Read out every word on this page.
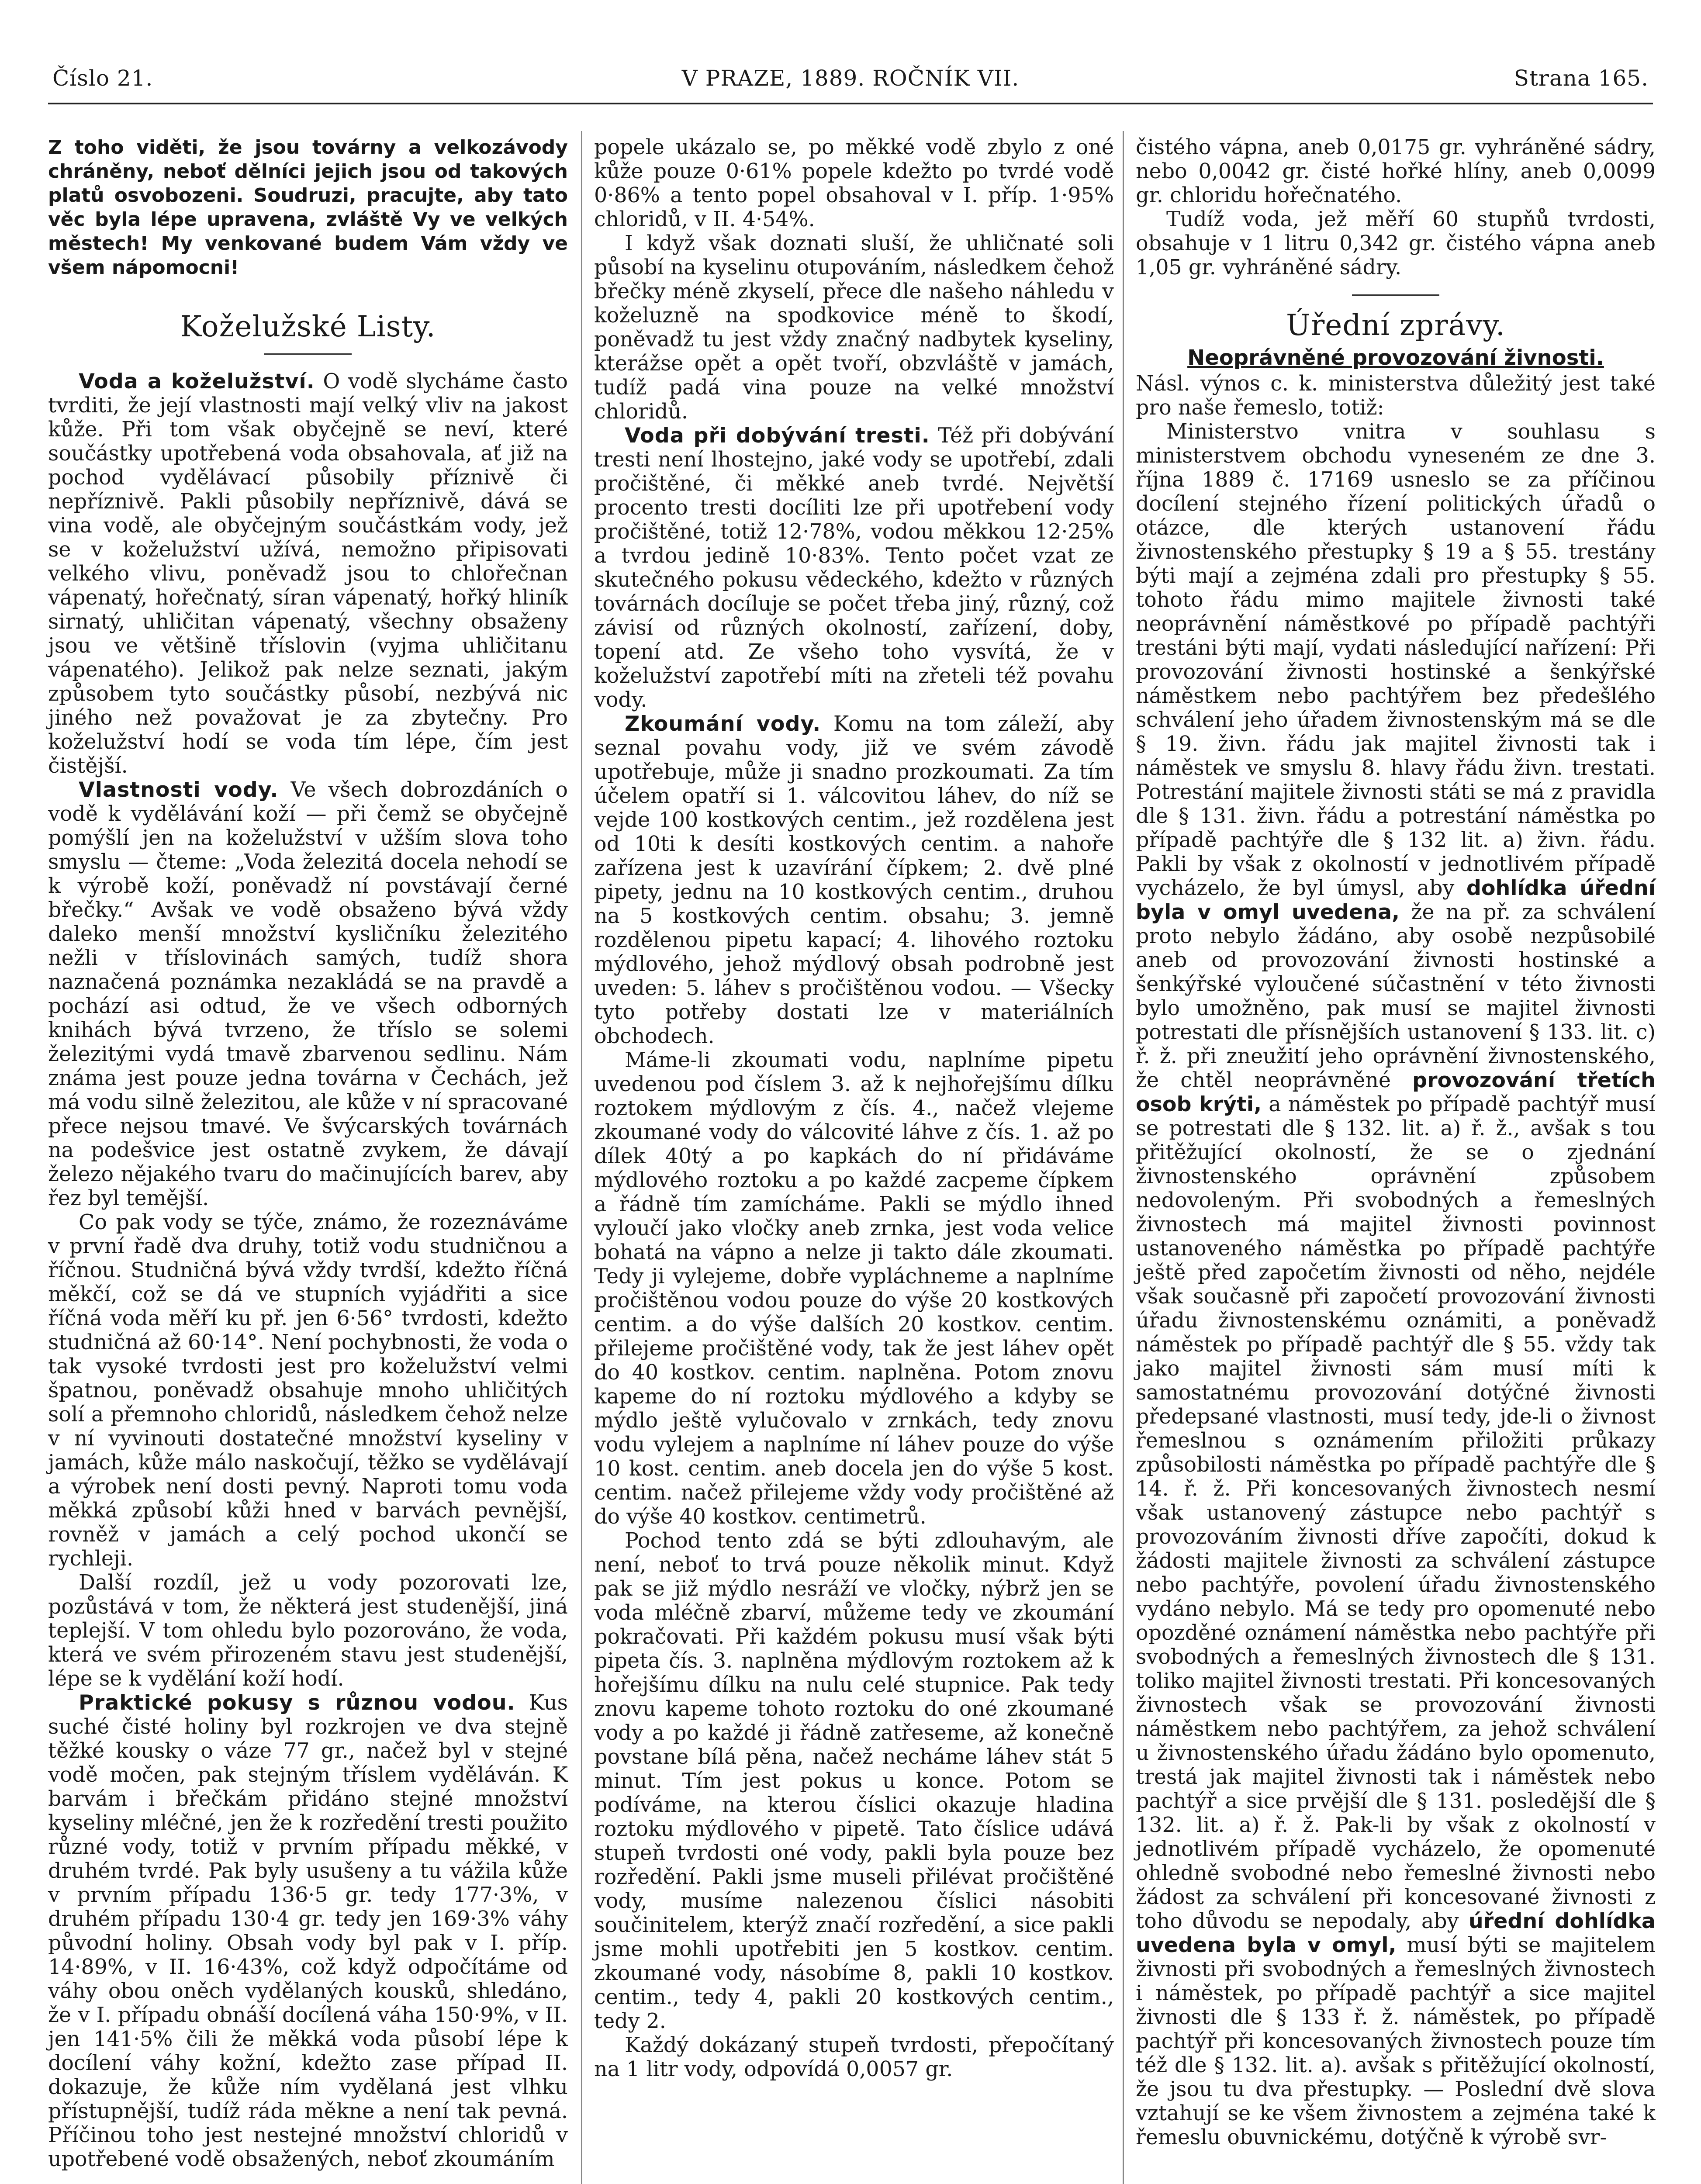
Číslo 21.	V PRAZE, 1889. ROČNÍK VII.	Strana 165.

Z toho viděti, že jsou továrny a velkozávody chráněny, neboť dělníci jejich jsou od takových platů osvobozeni. Soudruzi, pracujte, aby tato věc byla lépe upravena, zvláště Vy ve velkých městech! My venkované budem Vám vždy ve všem nápomocni!

Koželužské Listy.

Voda a koželužství. O vodě slycháme často tvrditi, že její vlastnosti mají velký vliv na jakost kůže. Při tom však obyčejně se neví, které součástky upotřebená voda obsahovala, ať již na pochod vydělávací působily příznivě či nepříznivě. Pakli působily nepříznivě, dává se vina vodě, ale obyčejným součástkám vody, jež se v koželužství užívá, nemožno připisovati velkého vlivu, poněvadž jsou to chlořečnan vápenatý, hořečnatý, síran vápenatý, hořký hliník sirnatý, uhličitan vápenatý, všechny obsaženy jsou ve většině tříslovin (vyjma uhličitanu vápenatého). Jelikož pak nelze seznati, jakým způsobem tyto součástky působí, nezbývá nic jiného než považovat je za zbytečny. Pro koželužství hodí se voda tím lépe, čím jest čistější.

Vlastnosti vody. Ve všech dobrozdáních o vodě k vydělávání koží — při čemž se obyčejně pomýšlí jen na koželužství v užším slova toho smyslu — čteme: „Voda železitá docela nehodí se k výrobě koží, poněvadž ní povstávají černé břečky.“ Avšak ve vodě obsaženo bývá vždy daleko menší množství kysličníku železitého nežli v tříslovinách samých, tudíž shora naznačená poznámka nezakládá se na pravdě a pochází asi odtud, že ve všech odborných knihách bývá tvrzeno, že tříslo se solemi železitými vydá tmavě zbarvenou sedlinu. Nám známa jest pouze jedna továrna v Čechách, jež má vodu silně železitou, ale kůže v ní spracované přece nejsou tmavé. Ve švýcarských továrnách na podešvice jest ostatně zvykem, že dávají železo nějakého tvaru do mačinujících barev, aby řez byl temější.

Co pak vody se týče, známo, že rozeznáváme v první řadě dva druhy, totiž vodu studničnou a říčnou. Studničná bývá vždy tvrdší, kdežto říčná měkčí, což se dá ve stupních vyjádřiti a sice říčná voda měří ku př. jen 6·56° tvrdosti, kdežto studničná až 60·14°. Není pochybnosti, že voda o tak vysoké tvrdosti jest pro koželužství velmi špatnou, poněvadž obsahuje mnoho uhličitých solí a přemnoho chloridů, následkem čehož nelze v ní vyvinouti dostatečné množství kyseliny v jamách, kůže málo naskočují, těžko se vydělávají a výrobek není dosti pevný. Naproti tomu voda měkká způsobí kůži hned v barvách pevnější, rovněž v jamách a celý pochod ukončí se rychleji.

Další rozdíl, jež u vody pozorovati lze, pozůstává v tom, že některá jest studenější, jiná teplejší. V tom ohledu bylo pozorováno, že voda, která ve svém přirozeném stavu jest studenější, lépe se k vydělání koží hodí.

Praktické pokusy s různou vodou. Kus suché čisté holiny byl rozkrojen ve dva stejně těžké kousky o váze 77 gr., načež byl v stejné vodě močen, pak stejným tříslem vyděláván. K barvám i břečkám přidáno stejné množství kyseliny mléčné, jen že k rozředění tresti použito různé vody, totiž v prvním případu měkké, v druhém tvrdé. Pak byly usušeny a tu vážila kůže v prvním případu 136·5 gr. tedy 177·3%, v druhém případu 130·4 gr. tedy jen 169·3% váhy původní holiny. Obsah vody byl pak v I. příp. 14·89%, v II. 16·43%, což když odpočítáme od váhy obou oněch vydělaných kousků, shledáno, že v I. případu obnáší docílená váha 150·9%, v II. jen 141·5% čili že měkká voda působí lépe k docílení váhy kožní, kdežto zase případ II. dokazuje, že kůže ním vydělaná jest vlhku přístupnější, tudíž ráda měkne a není tak pevná. Příčinou toho jest nestejné množství chloridů v upotřebené vodě obsažených, neboť zkoumáním

popele ukázalo se, po měkké vodě zbylo z oné kůže pouze 0·61% popele kdežto po tvrdé vodě 0·86% a tento popel obsahoval v I. příp. 1·95% chloridů, v II. 4·54%.

I když však doznati sluší, že uhličnaté soli působí na kyselinu otupováním, následkem čehož břečky méně zkyselí, přece dle našeho náhledu v koželuzně na spodkovice méně to škodí, poněvadž tu jest vždy značný nadbytek kyseliny, kterážse opět a opět tvoří, obzvláště v jamách, tudíž padá vina pouze na velké množství chloridů.

Voda při dobývání tresti. Též při dobývání tresti není lhostejno, jaké vody se upotřebí, zdali pročištěné, či měkké aneb tvrdé. Největší procento tresti docíliti lze při upotřebení vody pročištěné, totiž 12·78%, vodou měkkou 12·25% a tvrdou jedině 10·83%. Tento počet vzat ze skutečného pokusu vědeckého, kdežto v různých továrnách docíluje se počet třeba jiný, různý, což závisí od různých okolností, zařízení, doby, topení atd. Ze všeho toho vysvítá, že v koželužství zapotřebí míti na zřeteli též povahu vody.

Zkoumání vody. Komu na tom záleží, aby seznal povahu vody, již ve svém závodě upotřebuje, může ji snadno prozkoumati. Za tím účelem opatří si 1. válcovitou láhev, do níž se vejde 100 kostkových centim., jež rozdělena jest od 10ti k desíti kostkových centim. a nahoře zařízena jest k uzavírání čípkem; 2. dvě plné pipety, jednu na 10 kostkových centim., druhou na 5 kostkových centim. obsahu; 3. jemně rozdělenou pipetu kapací; 4. lihového roztoku mýdlového, jehož mýdlový obsah podrobně jest uveden: 5. láhev s pročištěnou vodou. — Všecky tyto potřeby dostati lze v materiálních obchodech.

Máme-li zkoumati vodu, naplníme pipetu uvedenou pod číslem 3. až k nejhořejšímu dílku roztokem mýdlovým z čís. 4., načež vlejeme zkoumané vody do válcovité láhve z čís. 1. až po dílek 40tý a po kapkách do ní přidáváme mýdlového roztoku a po každé zacpeme čípkem a řádně tím zamícháme. Pakli se mýdlo ihned vyloučí jako vločky aneb zrnka, jest voda velice bohatá na vápno a nelze ji takto dále zkoumati. Tedy ji vylejeme, dobře vypláchneme a naplníme pročištěnou vodou pouze do výše 20 kostkových centim. a do výše dalších 20 kostkov. centim. přilejeme pročištěné vody, tak že jest láhev opět do 40 kostkov. centim. naplněna. Potom znovu kapeme do ní roztoku mýdlového a kdyby se mýdlo ještě vylučovalo v zrnkách, tedy znovu vodu vylejem a naplníme ní láhev pouze do výše 10 kost. centim. aneb docela jen do výše 5 kost. centim. načež přilejeme vždy vody pročištěné až do výše 40 kostkov. centimetrů.

Pochod tento zdá se býti zdlouhavým, ale není, neboť to trvá pouze několik minut. Když pak se již mýdlo nesráží ve vločky, nýbrž jen se voda mléčně zbarví, můžeme tedy ve zkoumání pokračovati. Při každém pokusu musí však býti pipeta čís. 3. naplněna mýdlovým roztokem až k hořejšímu dílku na nulu celé stupnice. Pak tedy znovu kapeme tohoto roztoku do oné zkoumané vody a po každé ji řádně zatřeseme, až konečně povstane bílá pěna, načež necháme láhev stát 5 minut. Tím jest pokus u konce. Potom se podíváme, na kterou číslici okazuje hladina roztoku mýdlového v pipetě. Tato číslice udává stupeň tvrdosti oné vody, pakli byla pouze bez rozředění. Pakli jsme museli přilévat pročištěné vody, musíme nalezenou číslici násobiti součinitelem, kterýž značí rozředění, a sice pakli jsme mohli upotřebiti jen 5 kostkov. centim. zkoumané vody, násobíme 8, pakli 10 kostkov. centim., tedy 4, pakli 20 kostkových centim., tedy 2.

Každý dokázaný stupeň tvrdosti, přepočítaný na 1 litr vody, odpovídá 0,0057 gr.

čistého vápna, aneb 0,0175 gr. vyhráněné sádry, nebo 0,0042 gr. čisté hořké hlíny, aneb 0,0099 gr. chloridu hořečnatého.

Tudíž voda, jež měří 60 stupňů tvrdosti, obsahuje v 1 litru 0,342 gr. čistého vápna aneb 1,05 gr. vyhráněné sádry.

Úřední zprávy.
Neoprávněné provozování živnosti.

Násl. výnos c. k. ministerstva důležitý jest také pro naše řemeslo, totiž:

Ministerstvo vnitra v souhlasu s ministerstvem obchodu vyneseném ze dne 3. října 1889 č. 17169 usneslo se za příčinou docílení stejného řízení politických úřadů o otázce, dle kterých ustanovení řádu živnostenského přestupky § 19 a § 55. trestány býti mají a zejména zdali pro přestupky § 55. tohoto řádu mimo majitele živnosti také neoprávnění náměstkové po případě pachtýři trestáni býti mají, vydati následující nařízení: Při provozování živnosti hostinské a šenkýřské náměstkem nebo pachtýřem bez předešlého schválení jeho úřadem živnostenským má se dle § 19. živn. řádu jak majitel živnosti tak i náměstek ve smyslu 8. hlavy řádu živn. trestati. Potrestání majitele živnosti státi se má z pravidla dle § 131. živn. řádu a potrestání náměstka po případě pachtýře dle § 132 lit. a) živn. řádu. Pakli by však z okolností v jednotlivém případě vycházelo, že byl úmysl, aby dohlídka úřední byla v omyl uvedena, že na př. za schválení proto nebylo žádáno, aby osobě nezpůsobilé aneb od provozování živnosti hostinské a šenkýřské vyloučené súčastnění v této živnosti bylo umožněno, pak musí se majitel živnosti potrestati dle přísnějších ustanovení § 133. lit. c) ř. ž. při zneužití jeho oprávnění živnostenského, že chtěl neoprávněné provozování třetích osob krýti, a náměstek po případě pachtýř musí se potrestati dle § 132. lit. a) ř. ž., avšak s tou přitěžující okolností, že se o zjednání živnostenského oprávnění způsobem nedovoleným. Při svobodných a řemeslných živnostech má majitel živnosti povinnost ustanoveného náměstka po případě pachtýře ještě před započetím živnosti od něho, nejdéle však současně při započetí provozování živnosti úřadu živnostenskému oznámiti, a poněvadž náměstek po případě pachtýř dle § 55. vždy tak jako majitel živnosti sám musí míti k samostatnému provozování dotýčné živnosti předepsané vlastnosti, musí tedy, jde-li o živnost řemeslnou s oznámením přiložiti průkazy způsobilosti náměstka po případě pachtýře dle § 14. ř. ž. Při koncesovaných živnostech nesmí však ustanovený zástupce nebo pachtýř s provozováním živnosti dříve započíti, dokud k žádosti majitele živnosti za schválení zástupce nebo pachtýře, povolení úřadu živnostenského vydáno nebylo. Má se tedy pro opomenuté nebo opozděné oznámení náměstka nebo pachtýře při svobodných a řemeslných živnostech dle § 131. toliko majitel živnosti trestati. Při koncesovaných živnostech však se provozování živnosti náměstkem nebo pachtýřem, za jehož schválení u živnostenského úřadu žádáno bylo opomenuto, trestá jak majitel živnosti tak i náměstek nebo pachtýř a sice prvější dle § 131. posledější dle § 132. lit. a) ř. ž. Pak-li by však z okolností v jednotlivém případě vycházelo, že opomenuté ohledně svobodné nebo řemeslné živnosti nebo žádost za schválení při koncesované živnosti z toho důvodu se nepodaly, aby úřední dohlídka uvedena byla v omyl, musí býti se majitelem živnosti při svobodných a řemeslných živnostech i náměstek, po případě pachtýř a sice majitel živnosti dle § 133 ř. ž. náměstek, po případě pachtýř při koncesovaných živnostech pouze tím též dle § 132. lit. a). avšak s přitěžující okolností, že jsou tu dva přestupky. — Poslední dvě slova vztahují se ke všem živnostem a zejména také k řemeslu obuvnickému, dotýčně k výrobě svr-
